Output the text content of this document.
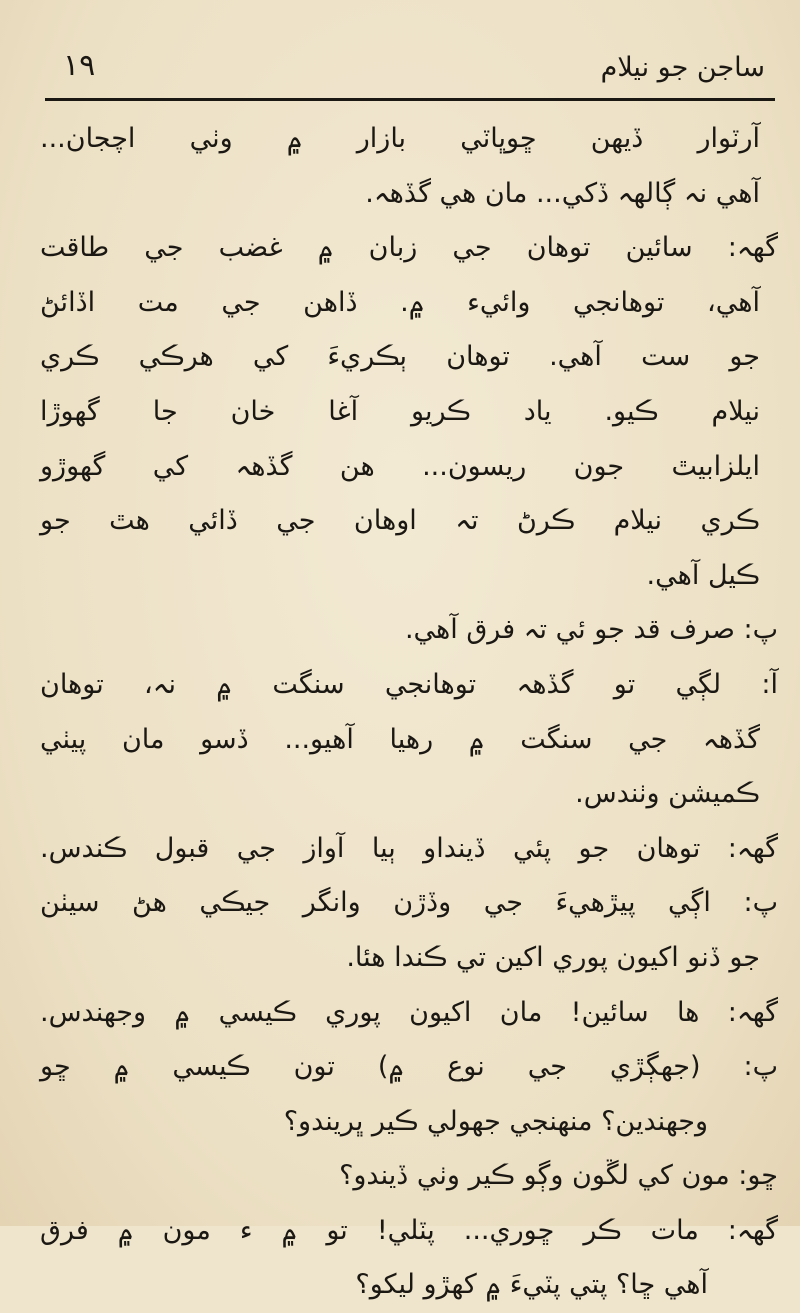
١٩	ساجن جو نيلام
آرٽوار ڏيھن ڇوڀاٽي بازار ۾ وٺي اچجان...
آهي نہ ڳالھہ ڏکي... مان ھي گڏھہ.
گهہ: سائين توهان جي زبان ۾ غضب جي طاقت
آهي، توهانجي وائيء ۾. ڏاهن جي مت اڏائڻ
جو ست آهي. توهان ٻڪريءَ کي هرڪي ڪري
نيلام ڪيو. ياد ڪريو آغا خان جا گهوڙا
ايلزابيٿ جون ريسون... هن گڏھہ کي گهوڙو
ڪري نيلام ڪرڻ تہ اوهان جي ڏائي هٿ جو
ڪيل آهي.
پ: صرف قد جو ئي تہ فرق آهي.
آ: لڳي تو گڏھہ توهانجي سنگت ۾ نہ، توهان
گڏھہ جي سنگت ۾ رهيا آهيو... ڏسو مان پيٺي
ڪميشن وٺندس.
گهہ: توهان جو پئي ڏينداو ٻيا آواز جي قبول ڪندس.
پ: اڳي پيڙهيءَ جي وڏڙن وانگر جيڪي هڻ سيٺن
جو ڏنو اکيون پوري اکين تي ڪندا هئا.
گهہ: ها سائين! مان اکيون پوري ڪيسي ۾ وجهندس.
پ: (جهڳڙي جي نوع ۾) تون ڪيسي ۾ ڇو
وجهندين؟ منهنجي جهولي ڪير ڀريندو؟
ڇو: مون کي لڱون وڳو ڪير وٺي ڏيندو؟
گهہ: مات ڪر ڇوري... پٽلي! تو ۾ ء مون ۾ فرق
آهي ڇا؟ پتي پٽيءَ ۾ کهڙو ليکو؟
